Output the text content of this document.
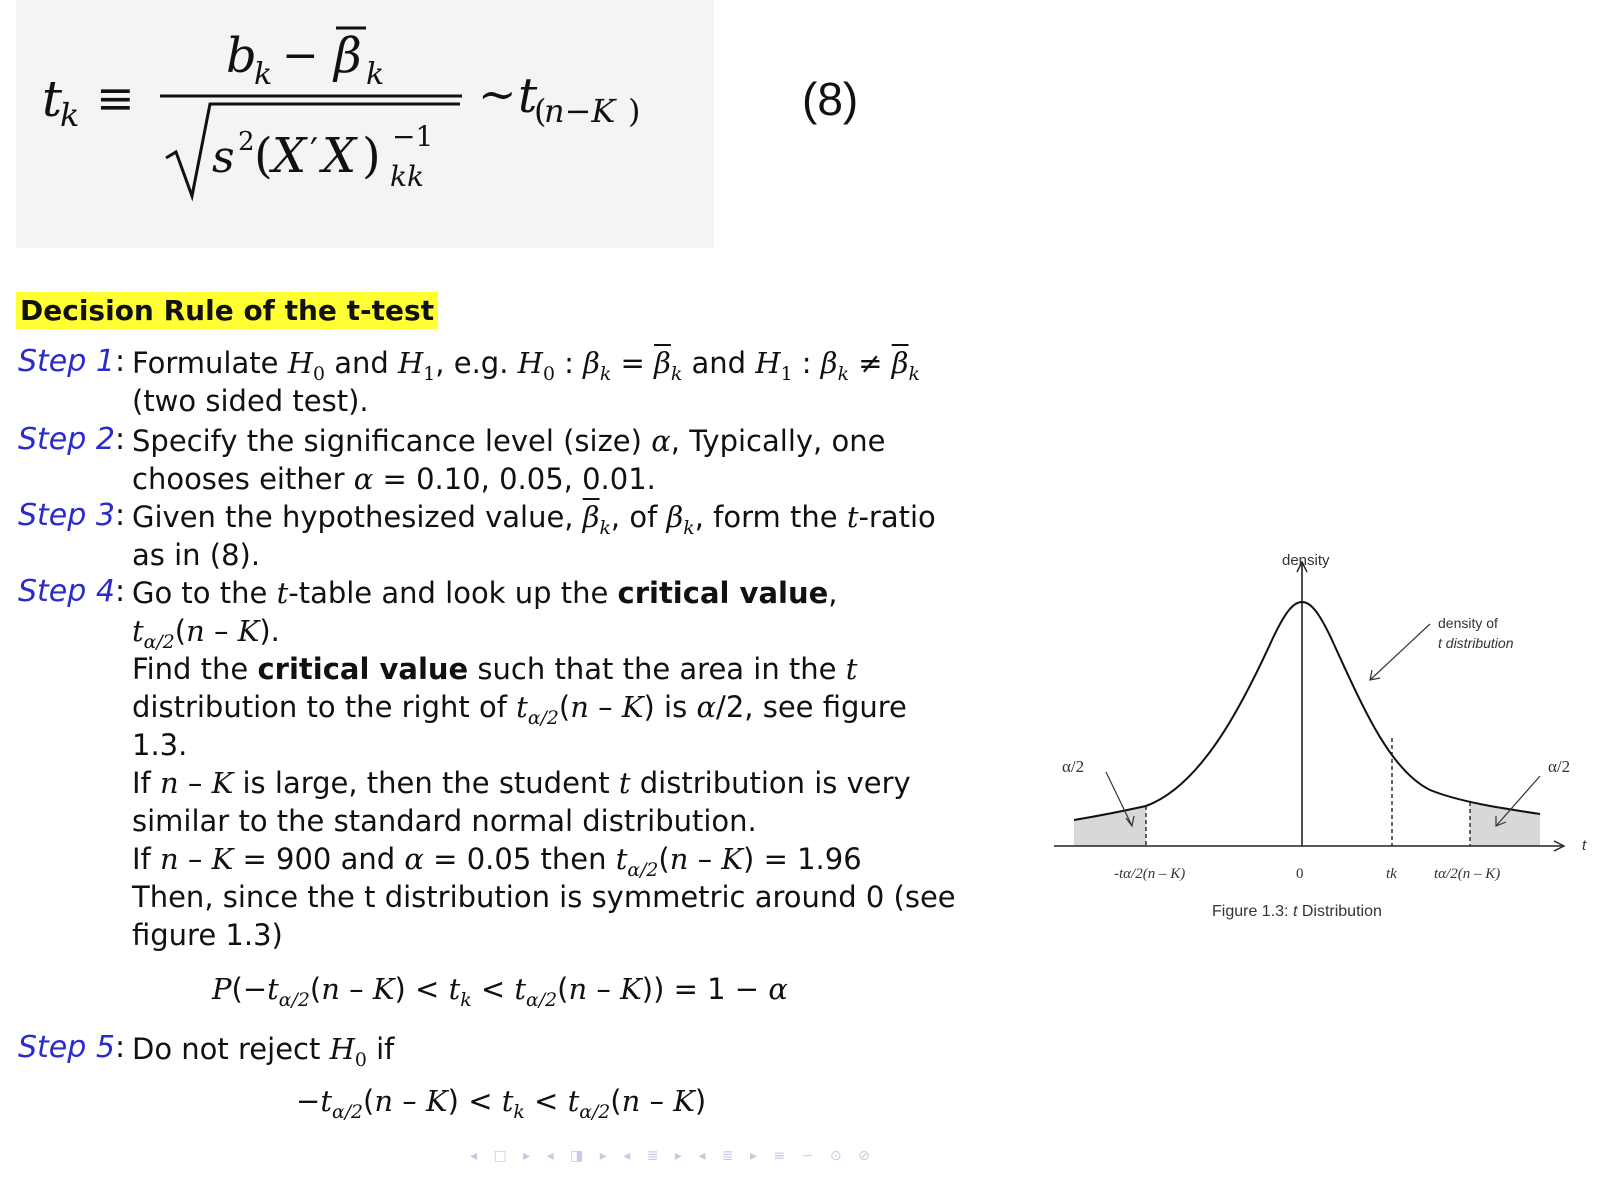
t
k ≡
b
k − β k
s 2 ( X ′ X ) −1
kk
∼ t
(
n−K )	(8)
Decision Rule of the t-test
Step 1: Formulate $H_0$ and $H_1$, e.g. $H_0$ : $\beta_k = \overline{\beta}_k$ and $H_1$ : $\beta_k \ne \overline{\beta}_k$
(two sided test).
Step 2: Specify the significance level (size) α, Typically, one
chooses either α = 0.10, 0.05, 0.01.
Step 3: Given the hypothesized value, $\overline{\beta}_k$, of $\beta_k$, form the t-ratio
as in (8).
Step 4: Go to the t-table and look up the critical value,
$t_{\alpha/2}(n - K)$.
Find the critical value such that the area in the t
distribution to the right of $t_{\alpha/2}(n - K)$ is α/2, see figure
1.3.
If n – K is large, then the student t distribution is very
similar to the standard normal distribution.
If n – K = 900 and α = 0.05 then $t_{\alpha/2}(n - K) = 1.96$
Then, since the t distribution is symmetric around 0 (see
figure 1.3)
$P(-t_{\alpha/2}(n - K) < t_k < t_{\alpha/2}(n - K)) = 1 - \alpha$
Step 5: Do not reject $H_0$ if
$-t_{\alpha/2}(n - K) < t_k < t_{\alpha/2}(n - K)$
◂ □ ▸ ◂ ◨ ▸ ◂ ≣ ▸ ◂ ≣ ▸ ≡ ∽ ⊙ ⊘
density
t
density of
t distribution
α/2	α/2
-tα/2(n – K)	0	tk tα/2(n – K)
Figure 1.3: t Distribution
